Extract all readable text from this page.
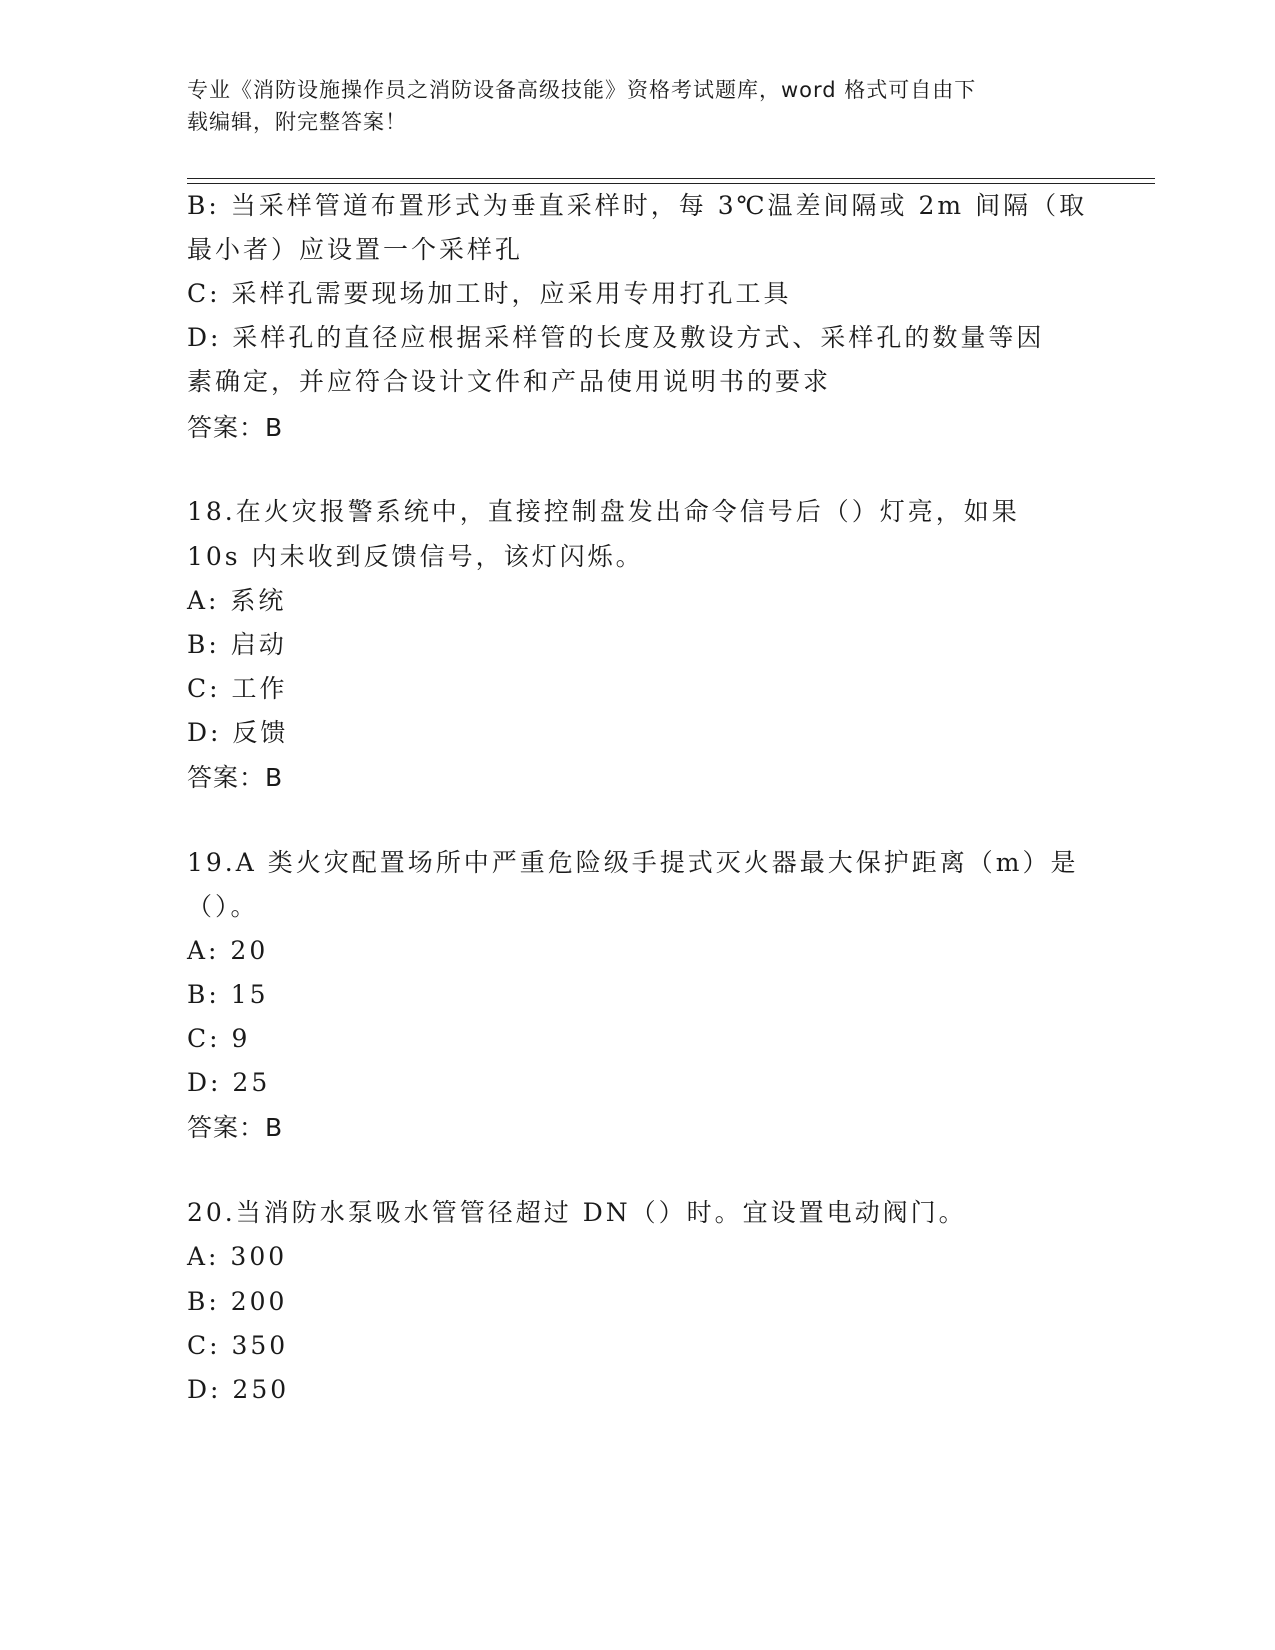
专业《消防设施操作员之消防设备高级技能》资格考试题库，word 格式可自由下
载编辑，附完整答案！
B: 当采样管道布置形式为垂直采样时，每 3℃温差间隔或 2m 间隔（取
最小者）应设置一个采样孔
C: 采样孔需要现场加工时，应采用专用打孔工具
D: 采样孔的直径应根据采样管的长度及敷设方式、采样孔的数量等因
素确定，并应符合设计文件和产品使用说明书的要求
答案：B
18.在火灾报警系统中，直接控制盘发出命令信号后（）灯亮，如果
10s 内未收到反馈信号，该灯闪烁。
A: 系统
B: 启动
C: 工作
D: 反馈
答案：B
19.A 类火灾配置场所中严重危险级手提式灭火器最大保护距离（m）是
（）。
A: 20
B: 15
C: 9
D: 25
答案：B
20.当消防水泵吸水管管径超过 DN（）时。宜设置电动阀门。
A: 300
B: 200
C: 350
D: 250
